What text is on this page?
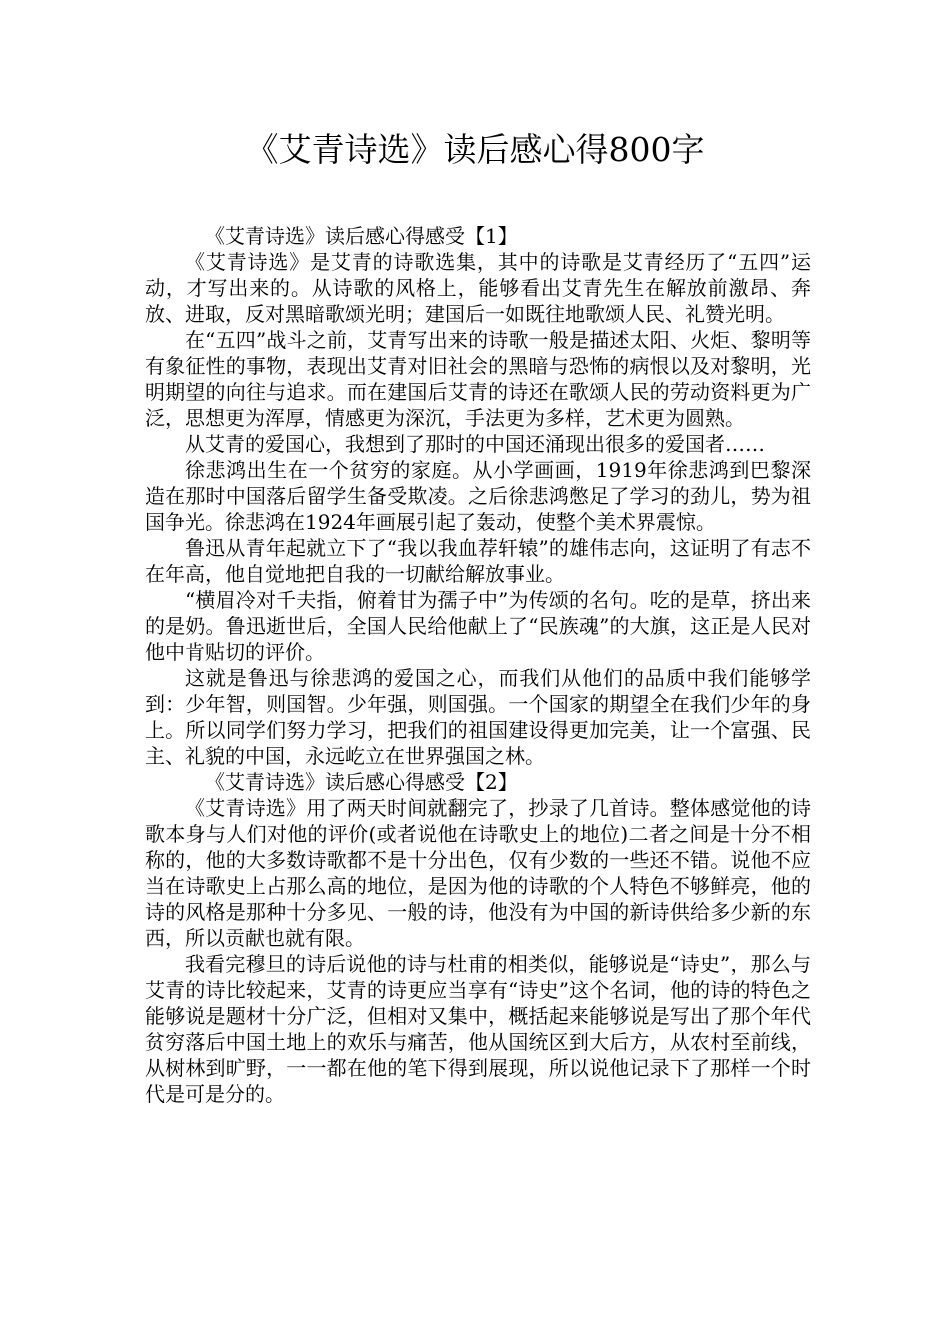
《艾青诗选》读后感心得800字

《艾青诗选》读后感心得感受【1】

《艾青诗选》是艾青的诗歌选集，其中的诗歌是艾青经历了“五四”运动，才写出来的。从诗歌的风格上，能够看出艾青先生在解放前激昂、奔放、进取，反对黑暗歌颂光明；建国后一如既往地歌颂人民、礼赞光明。

在“五四”战斗之前，艾青写出来的诗歌一般是描述太阳、火炬、黎明等有象征性的事物，表现出艾青对旧社会的黑暗与恐怖的病恨以及对黎明，光明期望的向往与追求。而在建国后艾青的诗还在歌颂人民的劳动资料更为广泛，思想更为浑厚，情感更为深沉，手法更为多样，艺术更为圆熟。

从艾青的爱国心，我想到了那时的中国还涌现出很多的爱国者……

徐悲鸿出生在一个贫穷的家庭。从小学画画，1919年徐悲鸿到巴黎深造在那时中国落后留学生备受欺凌。之后徐悲鸿憋足了学习的劲儿，势为祖国争光。徐悲鸿在1924年画展引起了轰动，使整个美术界震惊。

鲁迅从青年起就立下了“我以我血荐轩辕”的雄伟志向，这证明了有志不在年高，他自觉地把自我的一切献给解放事业。

“横眉冷对千夫指，俯着甘为孺子中”为传颂的名句。吃的是草，挤出来的是奶。鲁迅逝世后，全国人民给他献上了“民族魂”的大旗，这正是人民对他中肯贴切的评价。

这就是鲁迅与徐悲鸿的爱国之心，而我们从他们的品质中我们能够学到：少年智，则国智。少年强，则国强。一个国家的期望全在我们少年的身上。所以同学们努力学习，把我们的祖国建设得更加完美，让一个富强、民主、礼貌的中国，永远屹立在世界强国之林。

《艾青诗选》读后感心得感受【2】

《艾青诗选》用了两天时间就翻完了，抄录了几首诗。整体感觉他的诗歌本身与人们对他的评价(或者说他在诗歌史上的地位)二者之间是十分不相称的，他的大多数诗歌都不是十分出色，仅有少数的一些还不错。说他不应当在诗歌史上占那么高的地位，是因为他的诗歌的个人特色不够鲜亮，他的诗的风格是那种十分多见、一般的诗，他没有为中国的新诗供给多少新的东西，所以贡献也就有限。

我看完穆旦的诗后说他的诗与杜甫的相类似，能够说是“诗史”，那么与艾青的诗比较起来，艾青的诗更应当享有“诗史”这个名词，他的诗的特色之能够说是题材十分广泛，但相对又集中，概括起来能够说是写出了那个年代贫穷落后中国土地上的欢乐与痛苦，他从国统区到大后方，从农村至前线，从树林到旷野，一一都在他的笔下得到展现，所以说他记录下了那样一个时代是可是分的。
